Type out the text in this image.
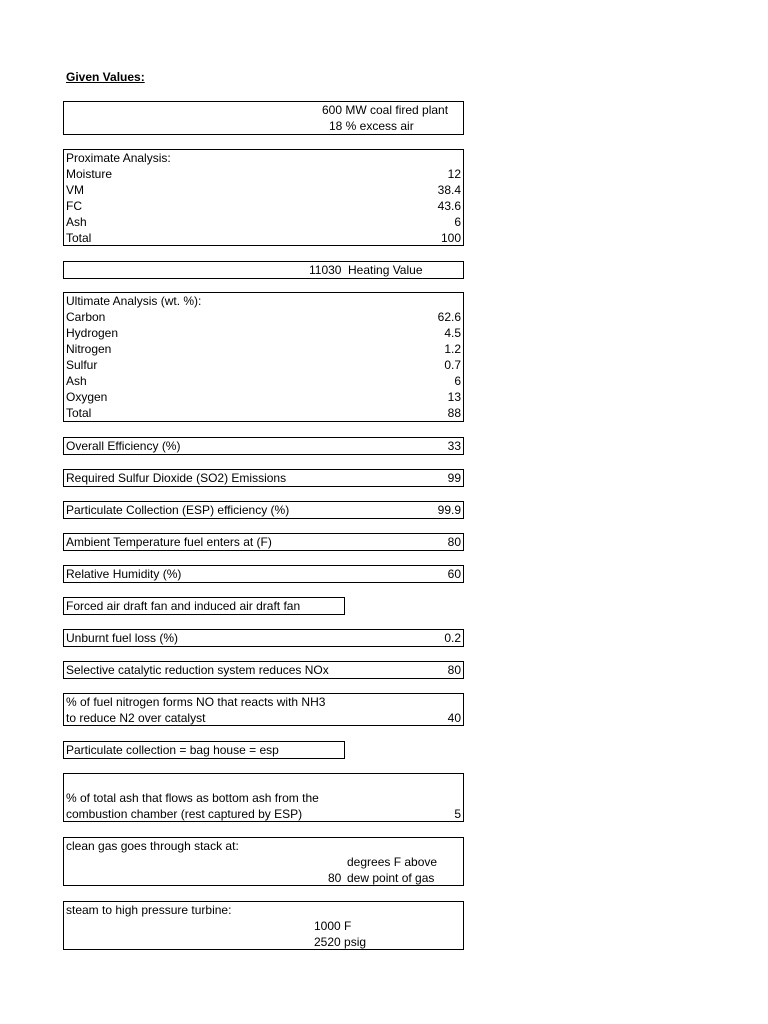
Given Values:
600 MW coal fired plant
18 % excess air
Proximate Analysis:
Moisture	12
VM	38.4
FC	43.6
Ash	6
Total	100
11030 Heating Value
Ultimate Analysis (wt. %):
Carbon	62.6
Hydrogen	4.5
Nitrogen	1.2
Sulfur	0.7
Ash	6
Oxygen	13
Total	88
Overall Efficiency (%)	33
Required Sulfur Dioxide (SO2) Emissions	99
Particulate Collection (ESP) efficiency (%)	99.9
Ambient Temperature fuel enters at (F)	80
Relative Humidity (%)	60
Forced air draft fan and induced air draft fan
Unburnt fuel loss (%)	0.2
Selective catalytic reduction system reduces NOx	80
% of fuel nitrogen forms NO that reacts with NH3
to reduce N2 over catalyst	40
Particulate collection = bag house = esp
% of total ash that flows as bottom ash from the
combustion chamber (rest captured by ESP)	5
clean gas goes through stack at:
degrees F above
80 dew point of gas
steam to high pressure turbine:
1000 F
2520 psig
